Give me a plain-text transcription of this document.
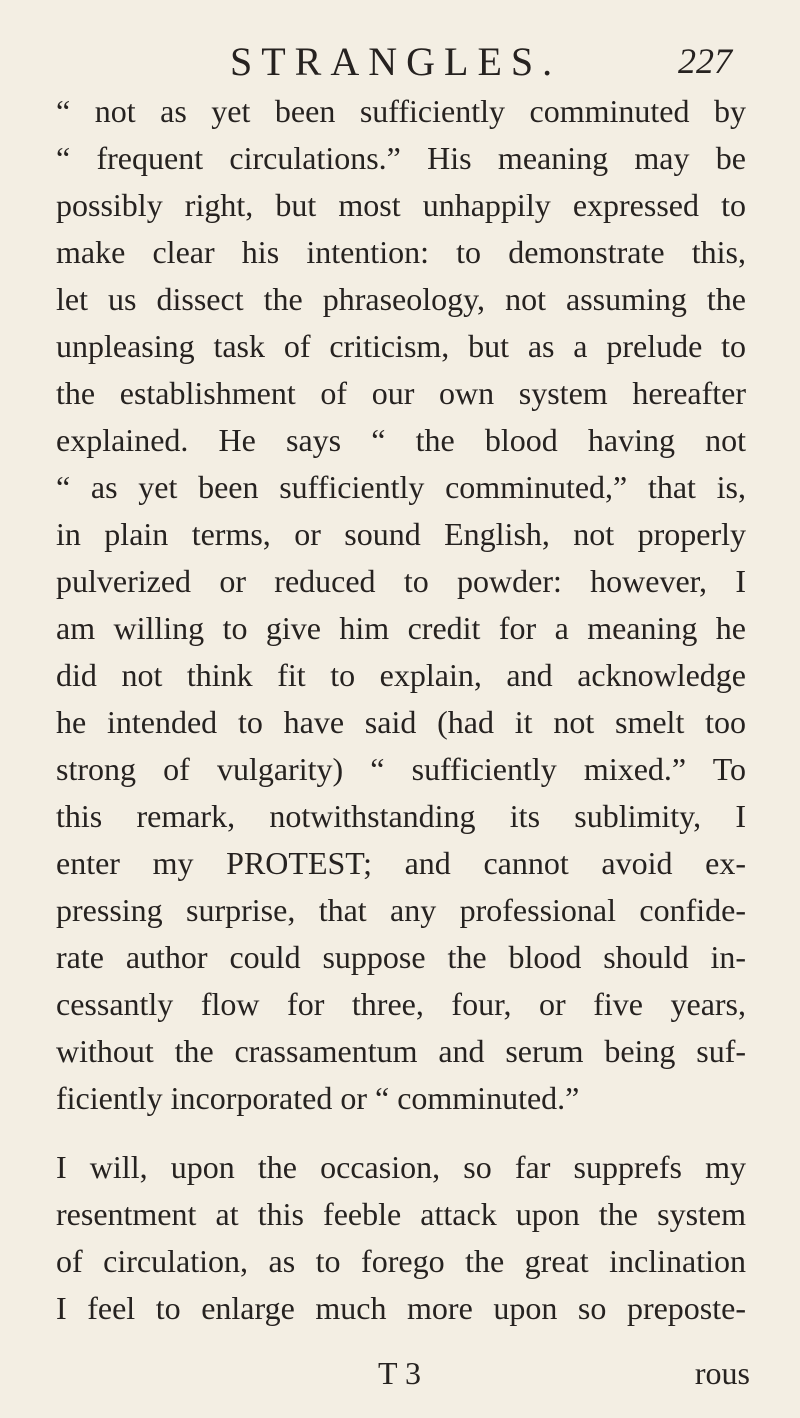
STRANGLES.	227
“ not as yet been sufficiently comminuted by
“ frequent circulations.” His meaning may be
possibly right, but most unhappily expressed to
make clear his intention: to demonstrate this,
let us dissect the phraseology, not assuming the
unpleasing task of criticism, but as a prelude to
the establishment of our own system hereafter
explained. He says “ the blood having not
“ as yet been sufficiently comminuted,” that is,
in plain terms, or sound English, not properly
pulverized or reduced to powder: however, I
am willing to give him credit for a meaning he
did not think fit to explain, and acknowledge
he intended to have said (had it not smelt too
strong of vulgarity) “ sufficiently mixed.” To
this remark, notwithstanding its sublimity, I
enter my PROTEST; and cannot avoid ex-
pressing surprise, that any professional confide-
rate author could suppose the blood should in-
cessantly flow for three, four, or five years,
without the crassamentum and serum being suf-
ficiently incorporated or “ comminuted.”
I will, upon the occasion, so far supprefs my
resentment at this feeble attack upon the system
of circulation, as to forego the great inclination
I feel to enlarge much more upon so preposte-
T 3	rous
